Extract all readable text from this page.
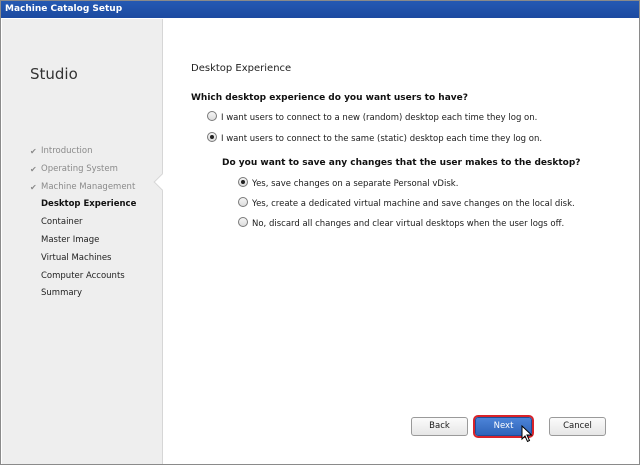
Machine Catalog Setup
Studio
✔ Introduction
✔ Operating System
✔ Machine Management
Desktop Experience
Container
Master Image
Virtual Machines
Computer Accounts
Summary
Desktop Experience
Which desktop experience do you want users to have?
I want users to connect to a new (random) desktop each time they log on.
I want users to connect to the same (static) desktop each time they log on.
Do you want to save any changes that the user makes to the desktop?
Yes, save changes on a separate Personal vDisk.
Yes, create a dedicated virtual machine and save changes on the local disk.
No, discard all changes and clear virtual desktops when the user logs off.
Back	Next	Cancel
